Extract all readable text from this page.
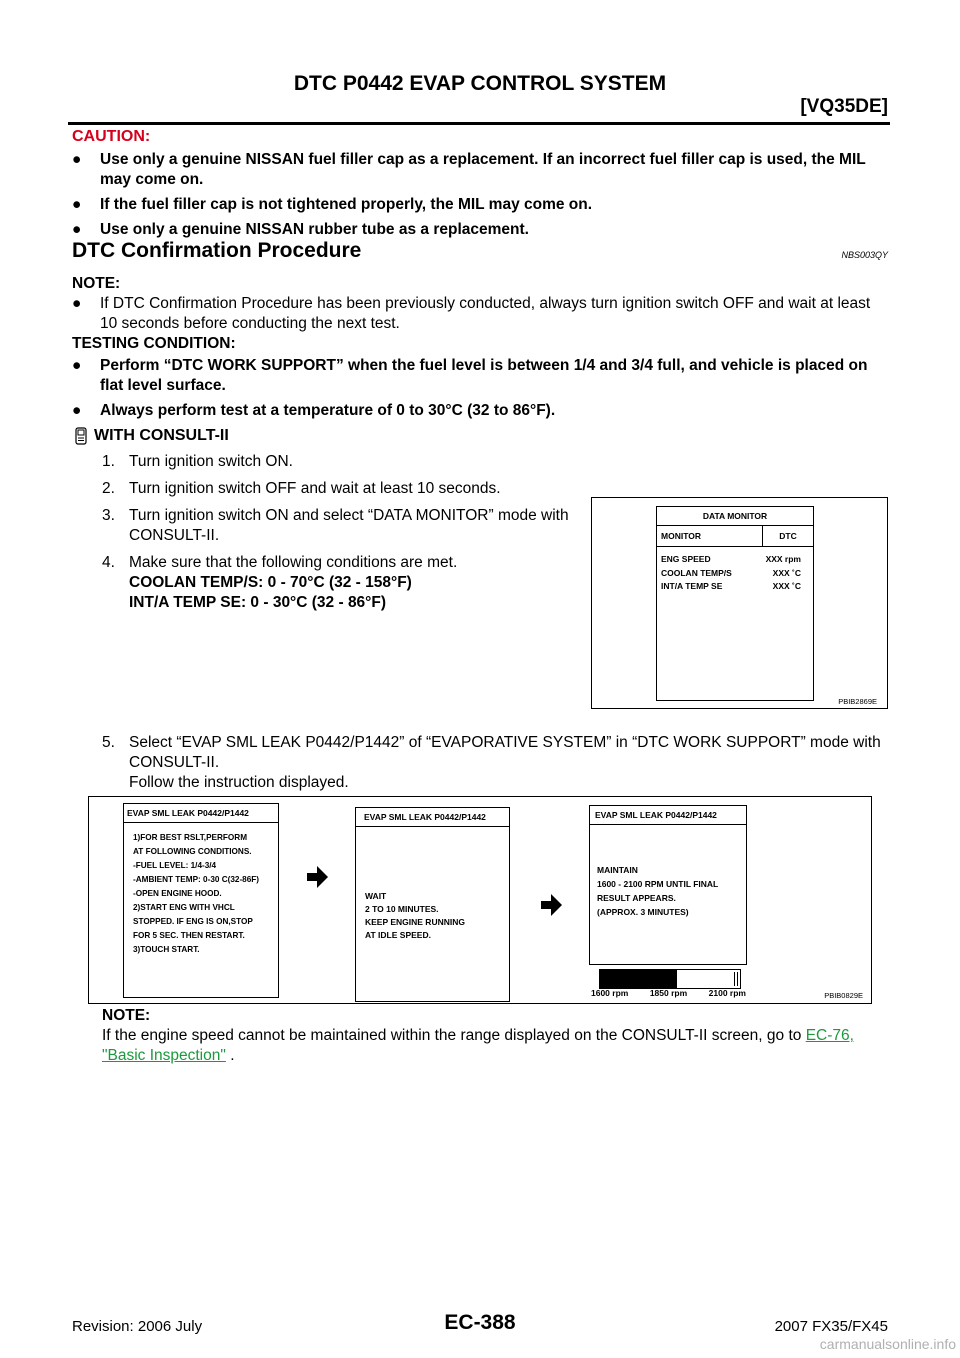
DTC P0442 EVAP CONTROL SYSTEM
[VQ35DE]
CAUTION:
● Use only a genuine NISSAN fuel filler cap as a replacement. If an incorrect fuel filler cap is used, the MIL may come on.
● If the fuel filler cap is not tightened properly, the MIL may come on.
● Use only a genuine NISSAN rubber tube as a replacement.
DTC Confirmation Procedure	NBS003QY
NOTE:
● If DTC Confirmation Procedure has been previously conducted, always turn ignition switch OFF and wait at least 10 seconds before conducting the next test.
TESTING CONDITION:
● Perform “DTC WORK SUPPORT” when the fuel level is between 1/4 and 3/4 full, and vehicle is placed on flat level surface.
● Always perform test at a temperature of 0 to 30°C (32 to 86°F).
WITH CONSULT-II
1. Turn ignition switch ON.
2. Turn ignition switch OFF and wait at least 10 seconds.
3. Turn ignition switch ON and select “DATA MONITOR” mode with CONSULT-II.
4. Make sure that the following conditions are met.
COOLAN TEMP/S: 0 - 70°C (32 - 158°F)
INT/A TEMP SE: 0 - 30°C (32 - 86°F)
DATA MONITOR
MONITOR	DTC
ENG SPEED	XXX rpm
COOLAN TEMP/S	XXX ˚C
INT/A TEMP SE	XXX ˚C
PBIB2869E
5. Select “EVAP SML LEAK P0442/P1442” of “EVAPORATIVE SYSTEM” in “DTC WORK SUPPORT” mode with CONSULT-II.
Follow the instruction displayed.
EVAP SML LEAK P0442/P1442
1)FOR BEST RSLT,PERFORM
AT FOLLOWING CONDITIONS.
-FUEL LEVEL: 1/4-3/4
-AMBIENT TEMP: 0-30 C(32-86F)
-OPEN ENGINE HOOD.
2)START ENG WITH VHCL
STOPPED. IF ENG IS ON,STOP
FOR 5 SEC. THEN RESTART.
3)TOUCH START.
EVAP SML LEAK P0442/P1442
WAIT
2 TO 10 MINUTES.
KEEP ENGINE RUNNING
AT IDLE SPEED.
EVAP SML LEAK P0442/P1442
MAINTAIN
1600 - 2100 RPM UNTIL FINAL
RESULT APPEARS.
(APPROX. 3 MINUTES)
1600 rpm	1850 rpm	2100 rpm	PBIB0829E
NOTE:
If the engine speed cannot be maintained within the range displayed on the CONSULT-II screen, go to EC-76, "Basic Inspection" .
Revision: 2006 July	EC-388	2007 FX35/FX45
carmanualsonline.info
